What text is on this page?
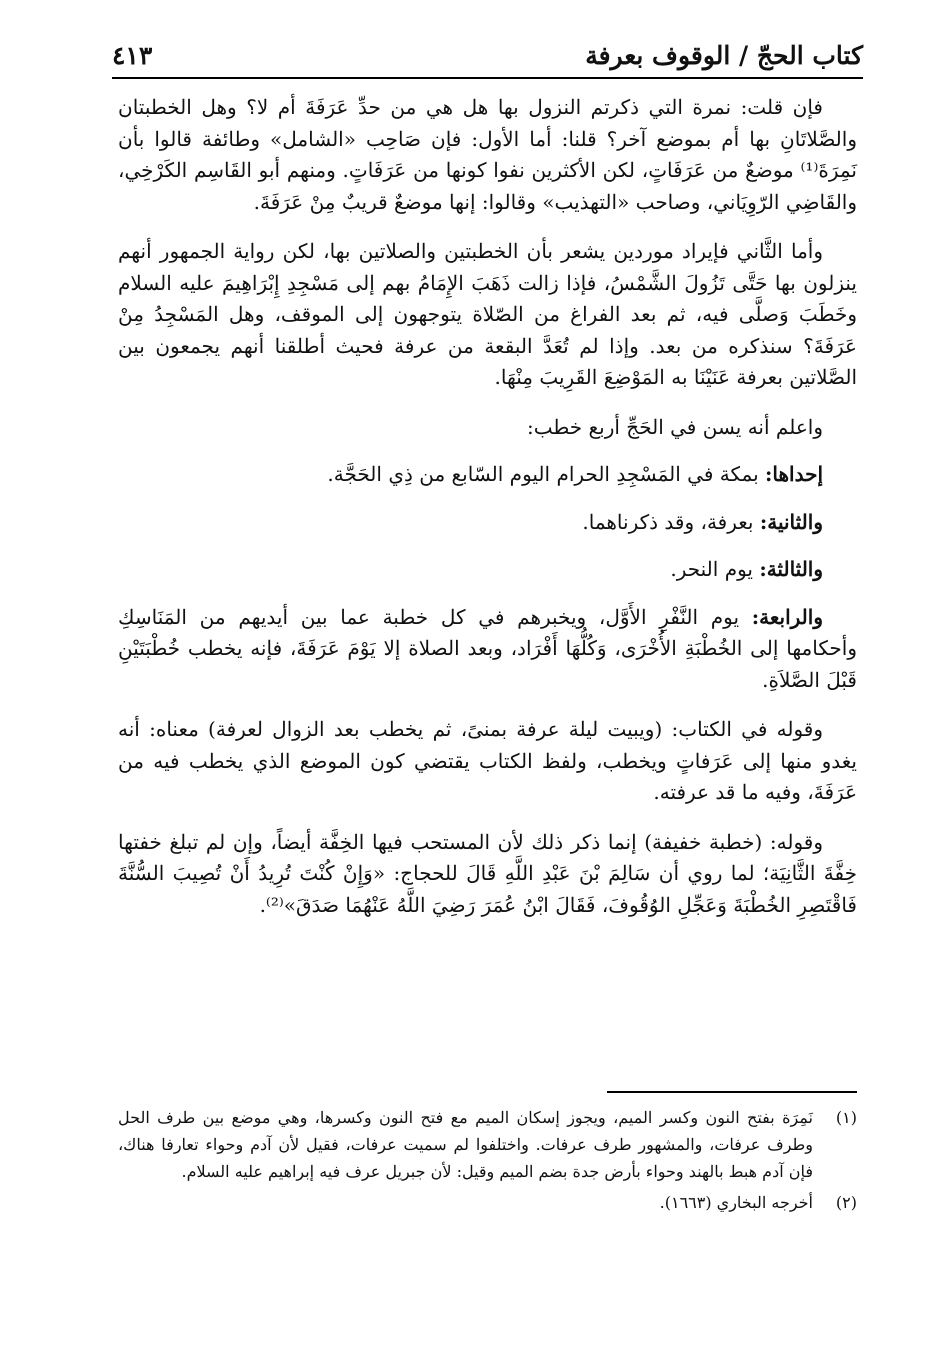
٤١٣	كتاب الحجّ / الوقوف بعرفة

فإن قلت: نمرة التي ذكرتم النزول بها هل هي من حدِّ عَرَفَةَ أم لا؟ وهل الخطبتان والصَّلاتَانِ بها أم بموضع آخر؟ قلنا: أما الأول: فإن صَاحِب «الشامل» وطائفة قالوا بأن نَمِرَةَ⁽¹⁾ موضعٌ من عَرَفَاتٍ، لكن الأكثرين نفوا كونها من عَرَفَاتٍ. ومنهم أبو القَاسِم الكَرْخِي، والقَاضِي الرّوِيَاني، وصاحب «التهذيب» وقالوا: إنها موضعٌ قريبٌ مِنْ عَرَفَةَ.

وأما الثَّاني فإيراد موردين يشعر بأن الخطبتين والصلاتين بها، لكن رواية الجمهور أنهم ينزلون بها حَتَّى تَزُولَ الشَّمْسُ، فإذا زالت ذَهَبَ الإِمَامُ بهم إلى مَسْجِدِ إِبْرَاهِيمَ عليه السلام وخَطَبَ وَصلَّى فيه، ثم بعد الفراغ من الصّلاة يتوجهون إلى الموقف، وهل المَسْجِدُ مِنْ عَرَفَةَ؟ سنذكره من بعد. وإذا لم تُعَدَّ البقعة من عرفة فحيث أطلقنا أنهم يجمعون بين الصَّلاتين بعرفة عَنَيْنَا به المَوْضِعَ القَرِيبَ مِنْهَا.

واعلم أنه يسن في الحَجِّ أربع خطب:

إحداها: بمكة في المَسْجِدِ الحرام اليوم السّابع من ذِي الحَجَّة.

والثانية: بعرفة، وقد ذكرناهما.

والثالثة: يوم النحر.

والرابعة: يوم النَّفْرِ الأَوَّل، ويخبرهم في كل خطبة عما بين أيديهم من المَنَاسِكِ وأحكامها إلى الخُطْبَةِ الأُخْرَى، وَكُلُّهَا أَفْرَاد، وبعد الصلاة إلا يَوْمَ عَرَفَةَ، فإنه يخطب خُطْبَتَيْنِ قَبْلَ الصَّلاَةِ.

وقوله في الكتاب: (ويبيت ليلة عرفة بمنىً، ثم يخطب بعد الزوال لعرفة) معناه: أنه يغدو منها إلى عَرَفاتٍ ويخطب، ولفظ الكتاب يقتضي كون الموضع الذي يخطب فيه من عَرَفَةَ، وفيه ما قد عرفته.

وقوله: (خطبة خفيفة) إنما ذكر ذلك لأن المستحب فيها الخِفَّة أيضاً، وإن لم تبلغ خفتها خِفَّةَ الثَّانِيَة؛ لما روي أن سَالِمَ بْنَ عَبْدِ اللَّهِ قَالَ للحجاج: «وَإِنْ كُنْتَ تُرِيدُ أَنْ تُصِيبَ السُّنَّةَ فَاقْتَصِرِ الخُطْبَةَ وَعَجِّلِ الوُقُوفَ، فَقَالَ ابْنُ عُمَرَ رَضِيَ اللَّهُ عَنْهُمَا صَدَقَ»⁽²⁾.

(١)
نَمِرَة بفتح النون وكسر الميم، ويجوز إسكان الميم مع فتح النون وكسرها، وهي موضع بين طرف الحل وطرف عرفات، والمشهور طرف عرفات. واختلفوا لم سميت عرفات، فقيل لأن آدم وحواء تعارفا هناك، فإن آدم هبط بالهند وحواء بأرض جدة بضم الميم وقيل: لأن جبريل عرف فيه إبراهيم عليه السلام.
(٢)
أخرجه البخاري (١٦٦٣).
